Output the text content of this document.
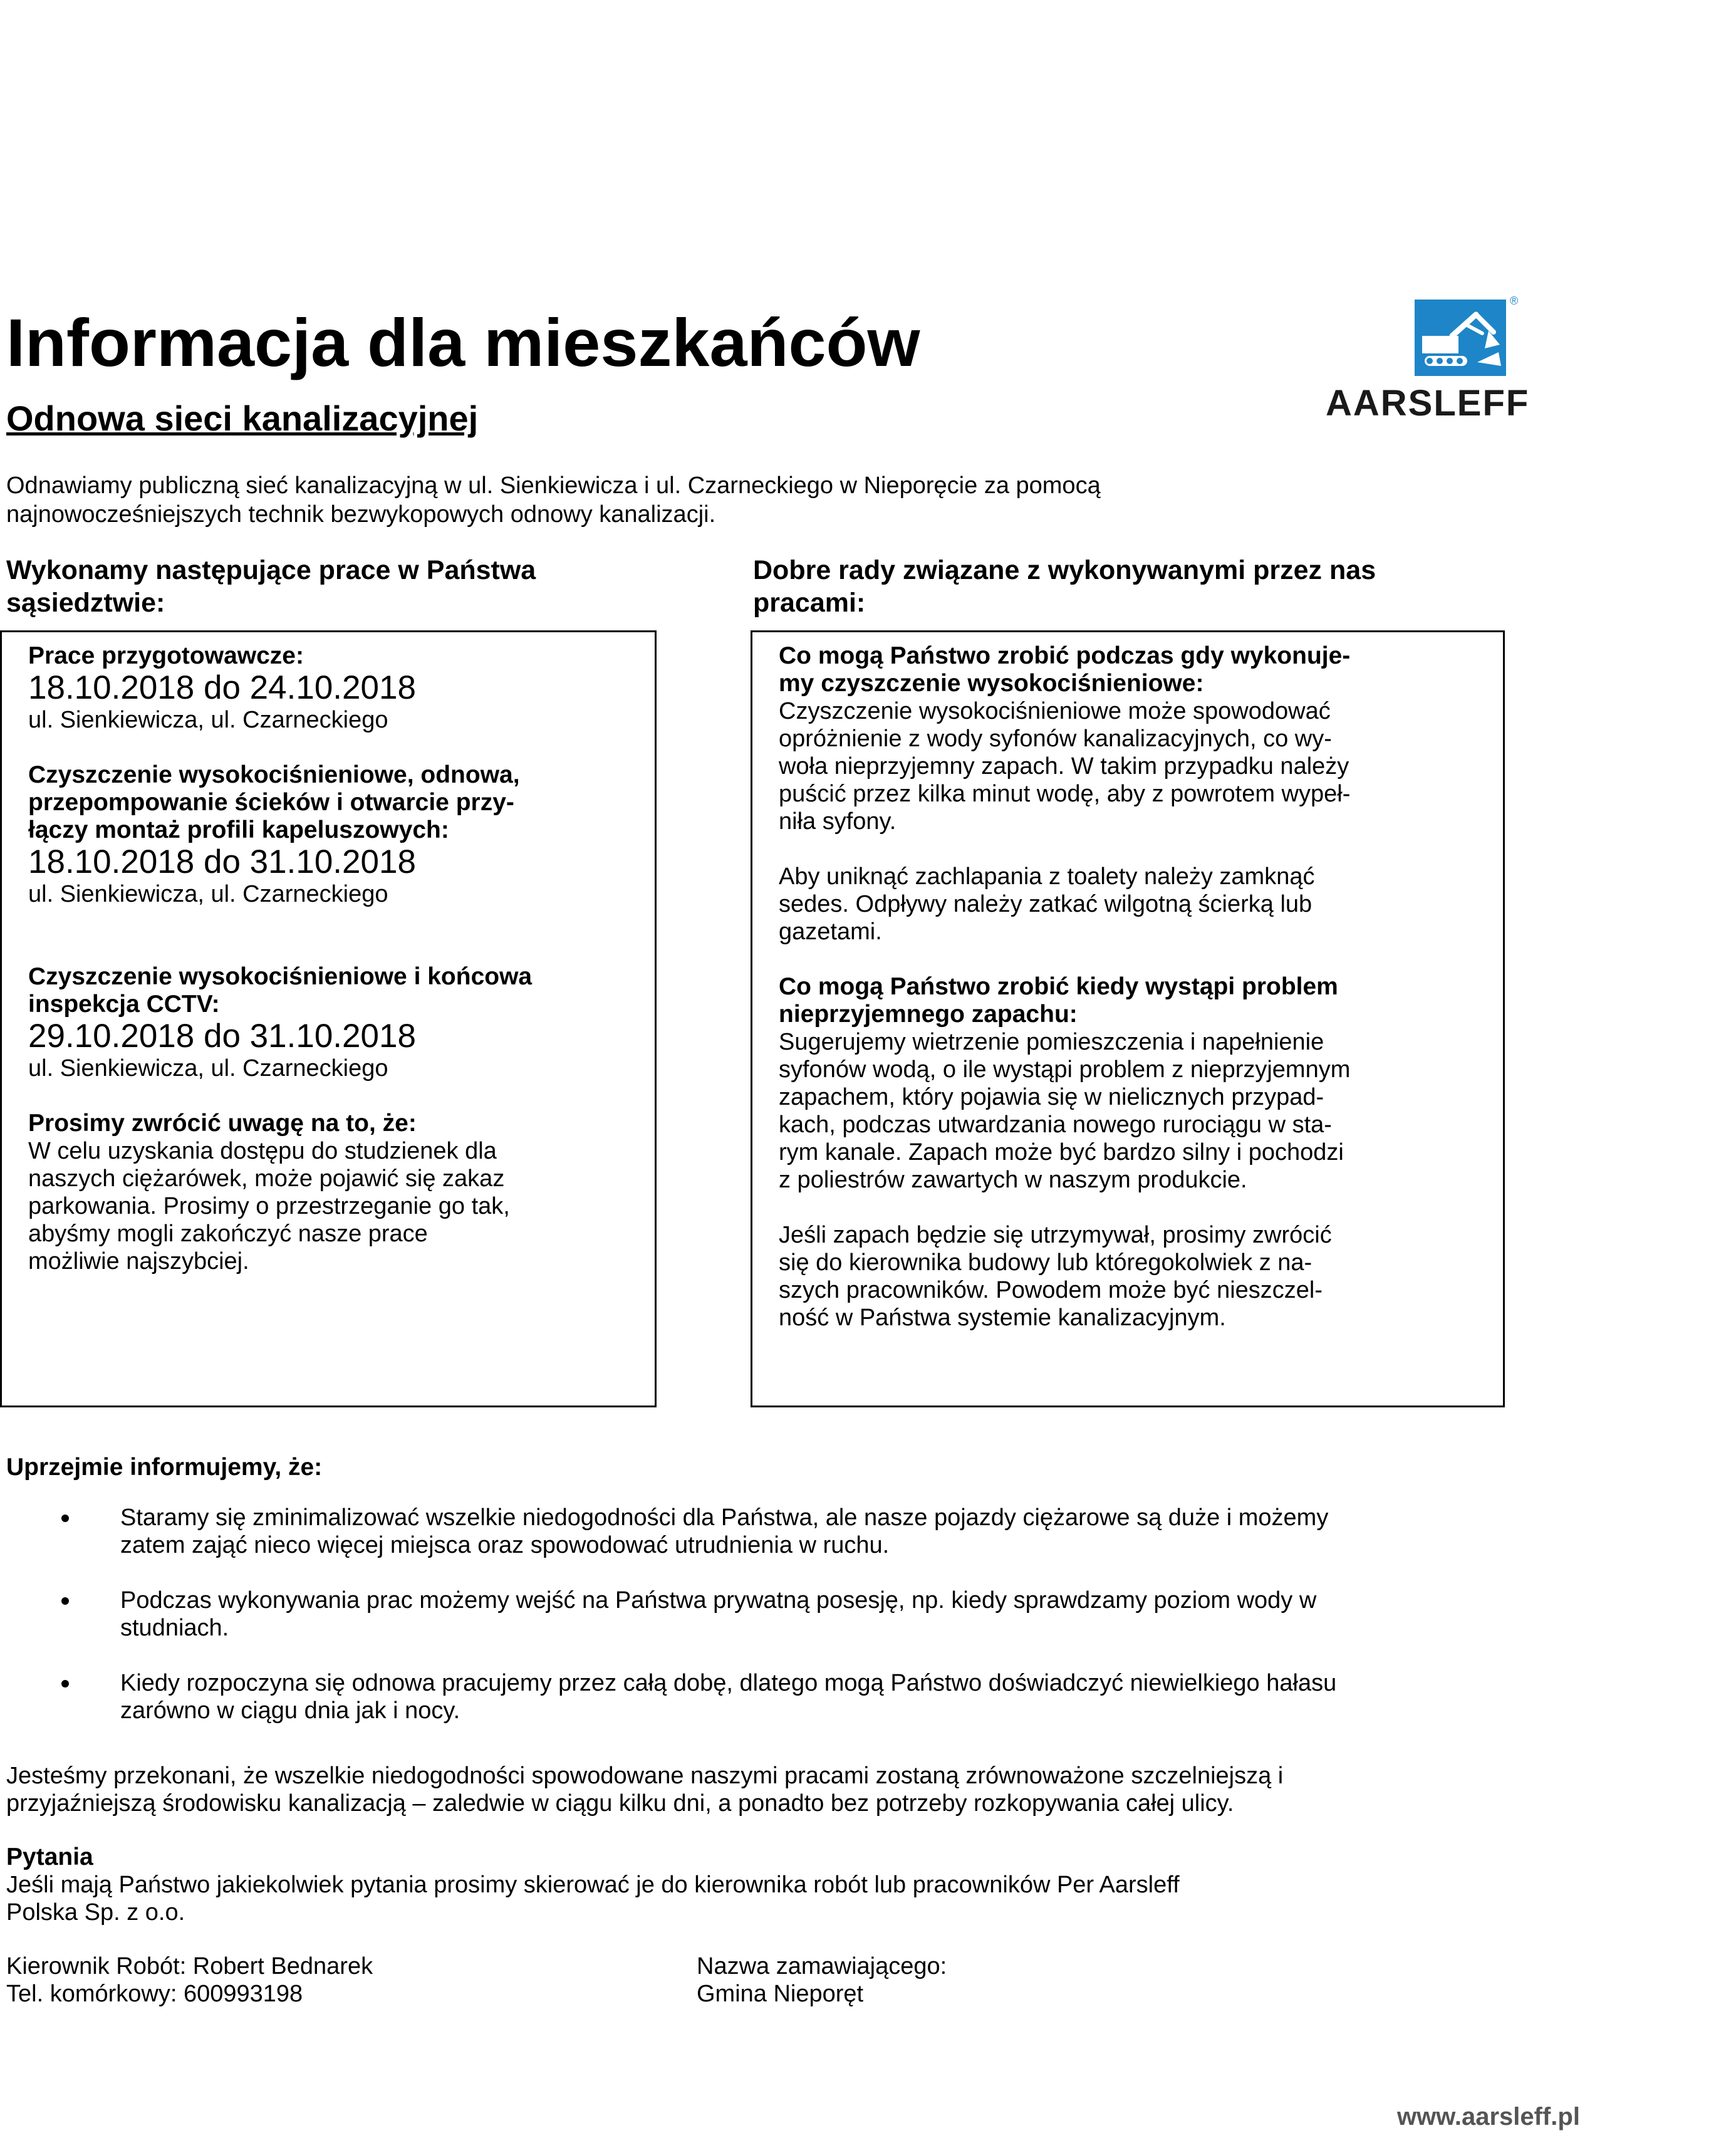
Informacja dla mieszkańców
Odnowa sieci kanalizacyjnej
®
AARSLEFF

Odnawiamy publiczną sieć kanalizacyjną w ul. Sienkiewicza i ul. Czarneckiego w Nieporęcie za pomocą

najnowocześniejszych technik bezwykopowych odnowy kanalizacji.

Wykonamy następujące prace w Państwa

sąsiedztwie:

Dobre rady związane z wykonywanymi przez nas

pracami:

Prace przygotowawcze:

18.10.2018 do 24.10.2018

ul. Sienkiewicza, ul. Czarneckiego

Czyszczenie wysokociśnieniowe, odnowa,

przepompowanie ścieków i otwarcie przy-

łączy montaż profili kapeluszowych:

18.10.2018 do 31.10.2018

ul. Sienkiewicza, ul. Czarneckiego

Czyszczenie wysokociśnieniowe i końcowa

inspekcja CCTV:

29.10.2018 do 31.10.2018

ul. Sienkiewicza, ul. Czarneckiego

Prosimy zwrócić uwagę na to, że:

W celu uzyskania dostępu do studzienek dla

naszych ciężarówek, może pojawić się zakaz

parkowania. Prosimy o przestrzeganie go tak,

abyśmy mogli zakończyć nasze prace

możliwie najszybciej.

Co mogą Państwo zrobić podczas gdy wykonuje-

my czyszczenie wysokociśnieniowe:

Czyszczenie wysokociśnieniowe może spowodować

opróżnienie z wody syfonów kanalizacyjnych, co wy-

woła nieprzyjemny zapach. W takim przypadku należy

puścić przez kilka minut wodę, aby z powrotem wypeł-

niła syfony.

Aby uniknąć zachlapania z toalety należy zamknąć

sedes. Odpływy należy zatkać wilgotną ścierką lub

gazetami.

Co mogą Państwo zrobić kiedy wystąpi problem

nieprzyjemnego zapachu:

Sugerujemy wietrzenie pomieszczenia i napełnienie

syfonów wodą, o ile wystąpi problem z nieprzyjemnym

zapachem, który pojawia się w nielicznych przypad-

kach, podczas utwardzania nowego rurociągu w sta-

rym kanale. Zapach może być bardzo silny i pochodzi

z poliestrów zawartych w naszym produkcie.

Jeśli zapach będzie się utrzymywał, prosimy zwrócić

się do kierownika budowy lub któregokolwiek z na-

szych pracowników. Powodem może być nieszczel-

ność w Państwa systemie kanalizacyjnym.

Uprzejmie informujemy, że:
Staramy się zminimalizować wszelkie niedogodności dla Państwa, ale nasze pojazdy ciężarowe są duże i możemy
zatem zająć nieco więcej miejsca oraz spowodować utrudnienia w ruchu.
Podczas wykonywania prac możemy wejść na Państwa prywatną posesję, np. kiedy sprawdzamy poziom wody w
studniach.
Kiedy rozpoczyna się odnowa pracujemy przez całą dobę, dlatego mogą Państwo doświadczyć niewielkiego hałasu
zarówno w ciągu dnia jak i nocy.

Jesteśmy przekonani, że wszelkie niedogodności spowodowane naszymi pracami zostaną zrównoważone szczelniejszą i

przyjaźniejszą środowisku kanalizacją – zaledwie w ciągu kilku dni, a ponadto bez potrzeby rozkopywania całej ulicy.

Pytania

Jeśli mają Państwo jakiekolwiek pytania prosimy skierować je do kierownika robót lub pracowników Per Aarsleff

Polska Sp. z o.o.

Kierownik Robót: Robert Bednarek
Tel. komórkowy: 600993198
Nazwa zamawiającego:
Gmina Nieporęt
www.aarsleff.pl
